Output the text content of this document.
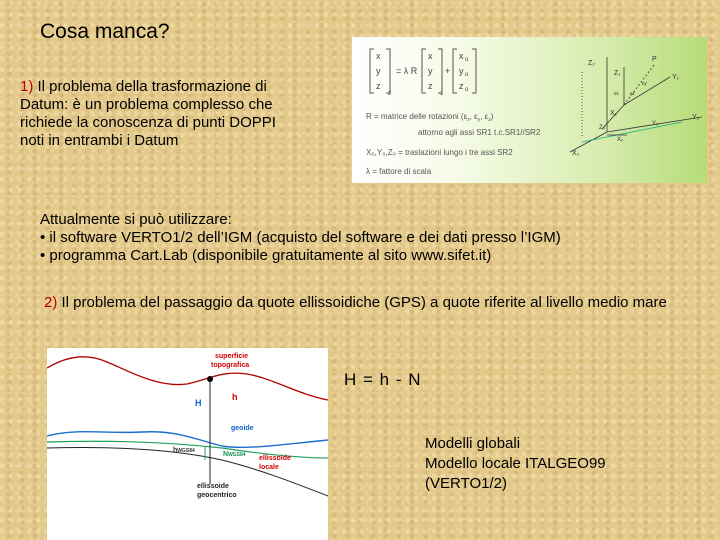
Cosa manca?
1) Il problema della trasformazione di Datum: è un problema complesso che richiede la conoscenza di punti DOPPI noti in entrambi i Datum
x
y
z
2
= λ R
x
y
z
1
+
x
y
z
o
o
o
R = matrice delle rotazioni ($\varepsilon_x$, $\varepsilon_y$, $\varepsilon_z$)
attorno agli assi SR1 t.c.SR1//SR2
X₀,Y₀,Z₀ = traslazioni lungo i tre assi SR2
λ = fattore di scala
Z₂
Z₁
P
Y₁
X₁
Y₂
X₂
εz
εx
εy
Z₀
Y₀
X₀
Attualmente si può utilizzare:
• il software VERTO1/2 dell’IGM (acquisto del software e dei dati presso l’IGM)
• programma Cart.Lab (disponibile gratuitamente al sito www.sifet.it)
2) Il problema del passaggio da quote ellissoidiche (GPS) a quote riferite al livello medio mare
superficie
topografica
H
h
geoide
hWGS84	NWGS84 ellissoide
locale
ellissoide
geocentrico
H = h - N
Modelli globali
Modello locale ITALGEO99
(VERTO1/2)
